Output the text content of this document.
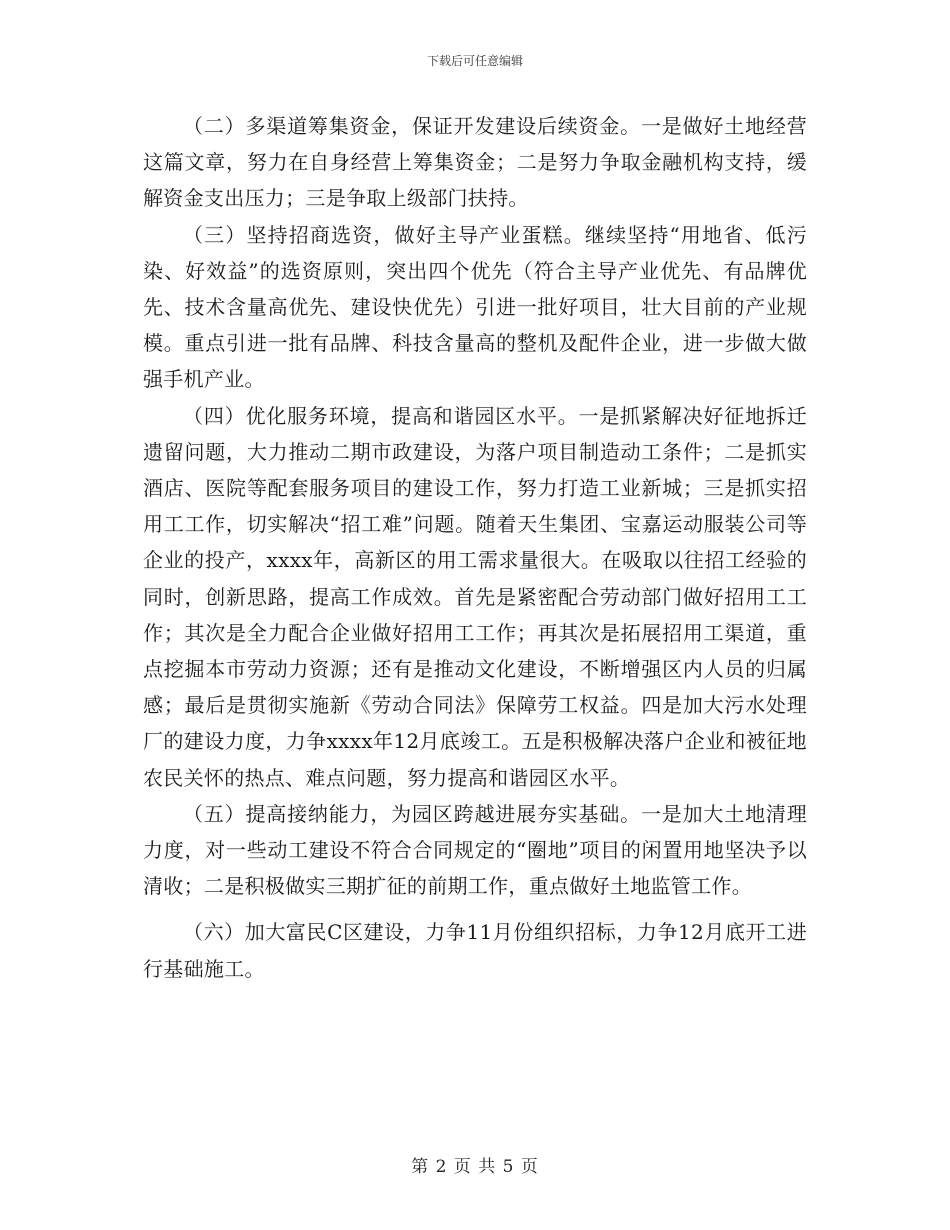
下载后可任意编辑

（二）多渠道筹集资金，保证开发建设后续资金。一是做好土地经营这篇文章，努力在自身经营上筹集资金；二是努力争取金融机构支持，缓解资金支出压力；三是争取上级部门扶持。

（三）坚持招商选资，做好主导产业蛋糕。继续坚持“用地省、低污染、好效益”的选资原则，突出四个优先（符合主导产业优先、有品牌优先、技术含量高优先、建设快优先）引进一批好项目，壮大目前的产业规模。重点引进一批有品牌、科技含量高的整机及配件企业，进一步做大做强手机产业。

（四）优化服务环境，提高和谐园区水平。一是抓紧解决好征地拆迁遗留问题，大力推动二期市政建设，为落户项目制造动工条件；二是抓实酒店、医院等配套服务项目的建设工作，努力打造工业新城；三是抓实招用工工作，切实解决“招工难”问题。随着天生集团、宝嘉运动服装公司等企业的投产，xxxx年，高新区的用工需求量很大。在吸取以往招工经验的同时，创新思路，提高工作成效。首先是紧密配合劳动部门做好招用工工作；其次是全力配合企业做好招用工工作；再其次是拓展招用工渠道，重点挖掘本市劳动力资源；还有是推动文化建设，不断增强区内人员的归属感；最后是贯彻实施新《劳动合同法》保障劳工权益。四是加大污水处理厂的建设力度，力争xxxx年12月底竣工。五是积极解决落户企业和被征地农民关怀的热点、难点问题，努力提高和谐园区水平。

（五）提高接纳能力，为园区跨越进展夯实基础。一是加大土地清理力度，对一些动工建设不符合合同规定的“圈地”项目的闲置用地坚决予以清收；二是积极做实三期扩征的前期工作，重点做好土地监管工作。

（六）加大富民C区建设，力争11月份组织招标，力争12月底开工进行基础施工。

第 2 页 共 5 页
